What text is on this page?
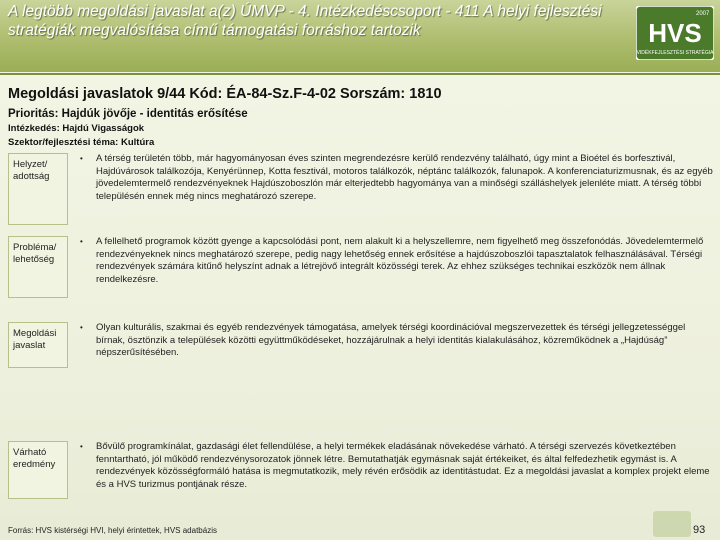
A legtöbb megoldási javaslat a(z) ÚMVP - 4. Intézkedéscsoport - 411 A helyi fejlesztési stratégiák megvalósítása című támogatási forráshoz tartozik
2007
HVS
VIDÉKFEJLESZTÉSI STRATÉGIA
Megoldási javaslatok 9/44 Kód: ÉA-84-Sz.F-4-02 Sorszám: 1810
Prioritás: Hajdúk jövője - identitás erősítése
Intézkedés: Hajdú Vigasságok
Szektor/fejlesztési téma: Kultúra
Helyzet/ adottság
• A térség területén több, már hagyományosan éves szinten megrendezésre kerülő rendezvény található, úgy mint a Bioétel és borfesztivál, Hajdúvárosok találkozója, Kenyérünnep, Kotta fesztivál, motoros találkozók, néptánc találkozók, falunapok. A konferenciaturizmusnak, és az egyéb jövedelemtermelő rendezvényeknek Hajdúszoboszlón már elterjedtebb hagyománya van a minőségi szálláshelyek jelenléte miatt. A térség többi településén ennek még nincs meghatározó szerepe.
Probléma/ lehetőség
• A fellelhető programok között gyenge a kapcsolódási pont, nem alakult ki a helyszellemre, nem figyelhető meg összefonódás. Jövedelemtermelő rendezvényeknek nincs meghatározó szerepe, pedig nagy lehetőség ennek erősítése a hajdúszoboszlói tapasztalatok felhasználásával. Térségi rendezvények számára kitűnő helyszínt adnak a létrejövő integrált közösségi terek. Az ehhez szükséges technikai eszközök nem állnak rendelkezésre.
Megoldási javaslat
• Olyan kulturális, szakmai és egyéb rendezvények támogatása, amelyek térségi koordinációval megszervezettek és térségi jellegzetességgel bírnak, ösztönzik a települések közötti együttműködéseket, hozzájárulnak a helyi identitás kialakulásához, közreműködnek a „Hajdúság” népszerűsítésében.
Várható eredmény
• Bővülő programkínálat, gazdasági élet fellendülése, a helyi termékek eladásának növekedése várható. A térségi szervezés következtében fenntartható, jól működő rendezvénysorozatok jönnek létre. Bemutathatják egymásnak saját értékeiket, és által felfedezhetik egymást is. A rendezvények közösségformáló hatása is megmutatkozik, mely révén erősödik az identitástudat. Ez a megoldási javaslat a komplex projekt eleme és a HVS turizmus pontjának része.
Forrás: HVS kistérségi HVI, helyi érintettek, HVS adatbázis	93
